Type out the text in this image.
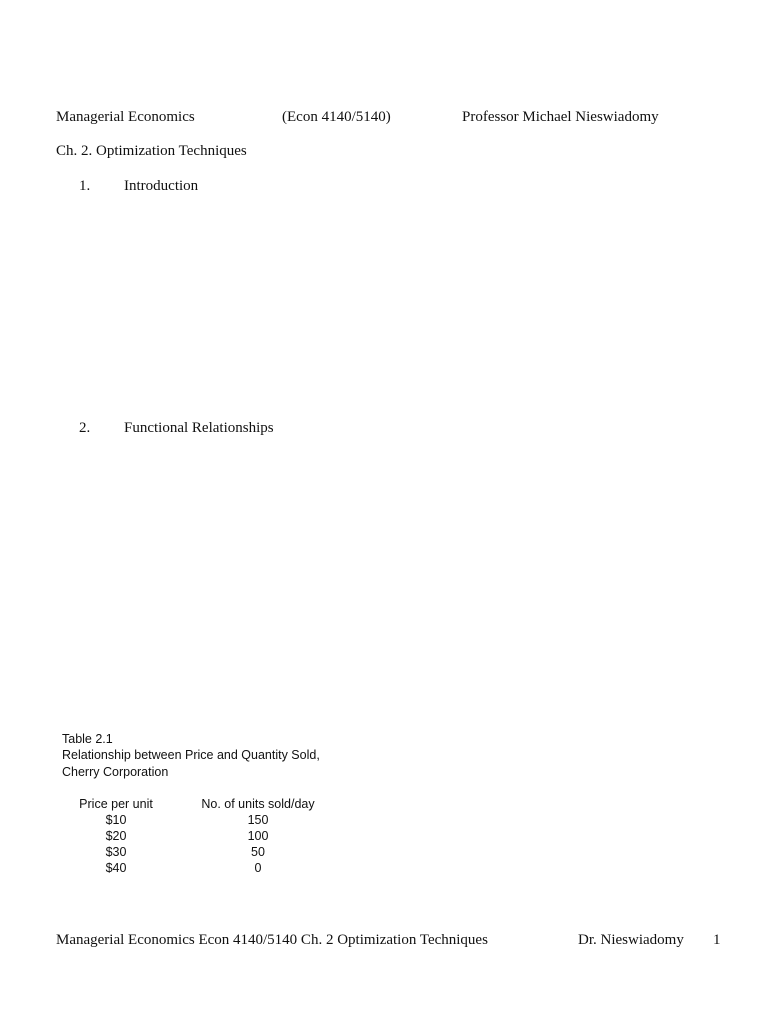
Managerial Economics	(Econ 4140/5140)	Professor Michael Nieswiadomy
Ch. 2. Optimization Techniques
1. Introduction
2. Functional Relationships
Table 2.1
Relationship between Price and Quantity Sold,
Cherry Corporation
Price per unit	No. of units sold/day
$10	150
$20	100
$30	50
$40	0
Managerial Economics Econ 4140/5140 Ch. 2 Optimization Techniques	Dr. Nieswiadomy 1
